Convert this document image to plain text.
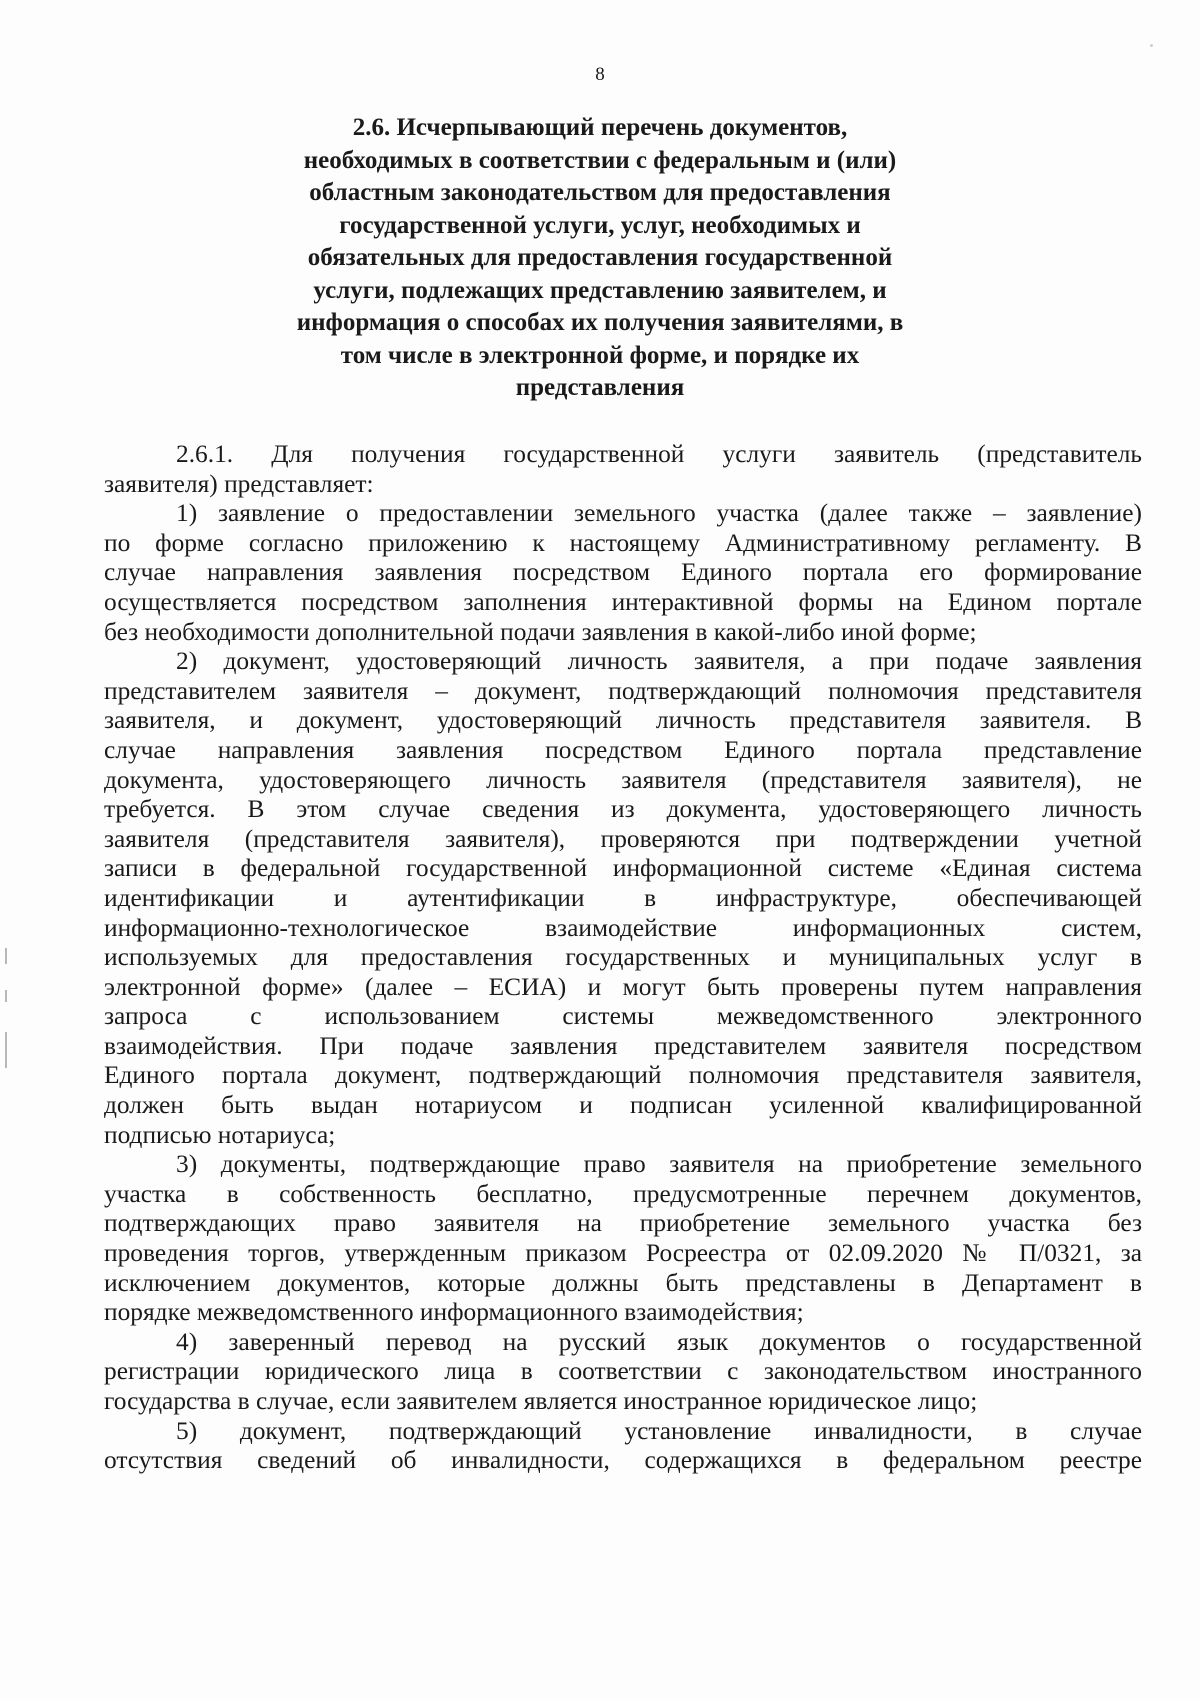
8
2.6. Исчерпывающий перечень документов,
необходимых в соответствии с федеральным и (или)
областным законодательством для предоставления
государственной услуги, услуг, необходимых и
обязательных для предоставления государственной
услуги, подлежащих представлению заявителем, и
информация о способах их получения заявителями, в
том числе в электронной форме, и порядке их
представления
2.6.1. Для получения государственной услуги заявитель (представитель
заявителя) представляет:
1) заявление о предоставлении земельного участка (далее также – заявление)
по форме согласно приложению к настоящему Административному регламенту. В
случае направления заявления посредством Единого портала его формирование
осуществляется посредством заполнения интерактивной формы на Едином портале
без необходимости дополнительной подачи заявления в какой-либо иной форме;
2) документ, удостоверяющий личность заявителя, а при подаче заявления
представителем заявителя – документ, подтверждающий полномочия представителя
заявителя, и документ, удостоверяющий личность представителя заявителя. В
случае направления заявления посредством Единого портала представление
документа, удостоверяющего личность заявителя (представителя заявителя), не
требуется. В этом случае сведения из документа, удостоверяющего личность
заявителя (представителя заявителя), проверяются при подтверждении учетной
записи в федеральной государственной информационной системе «Единая система
идентификации и аутентификации в инфраструктуре, обеспечивающей
информационно-технологическое взаимодействие информационных систем,
используемых для предоставления государственных и муниципальных услуг в
электронной форме» (далее – ЕСИА) и могут быть проверены путем направления
запроса с использованием системы межведомственного электронного
взаимодействия. При подаче заявления представителем заявителя посредством
Единого портала документ, подтверждающий полномочия представителя заявителя,
должен быть выдан нотариусом и подписан усиленной квалифицированной
подписью нотариуса;
3) документы, подтверждающие право заявителя на приобретение земельного
участка в собственность бесплатно, предусмотренные перечнем документов,
подтверждающих право заявителя на приобретение земельного участка без
проведения торгов, утвержденным приказом Росреестра от 02.09.2020 № П/0321, за
исключением документов, которые должны быть представлены в Департамент в
порядке межведомственного информационного взаимодействия;
4) заверенный перевод на русский язык документов о государственной
регистрации юридического лица в соответствии с законодательством иностранного
государства в случае, если заявителем является иностранное юридическое лицо;
5) документ, подтверждающий установление инвалидности, в случае
отсутствия сведений об инвалидности, содержащихся в федеральном реестре
